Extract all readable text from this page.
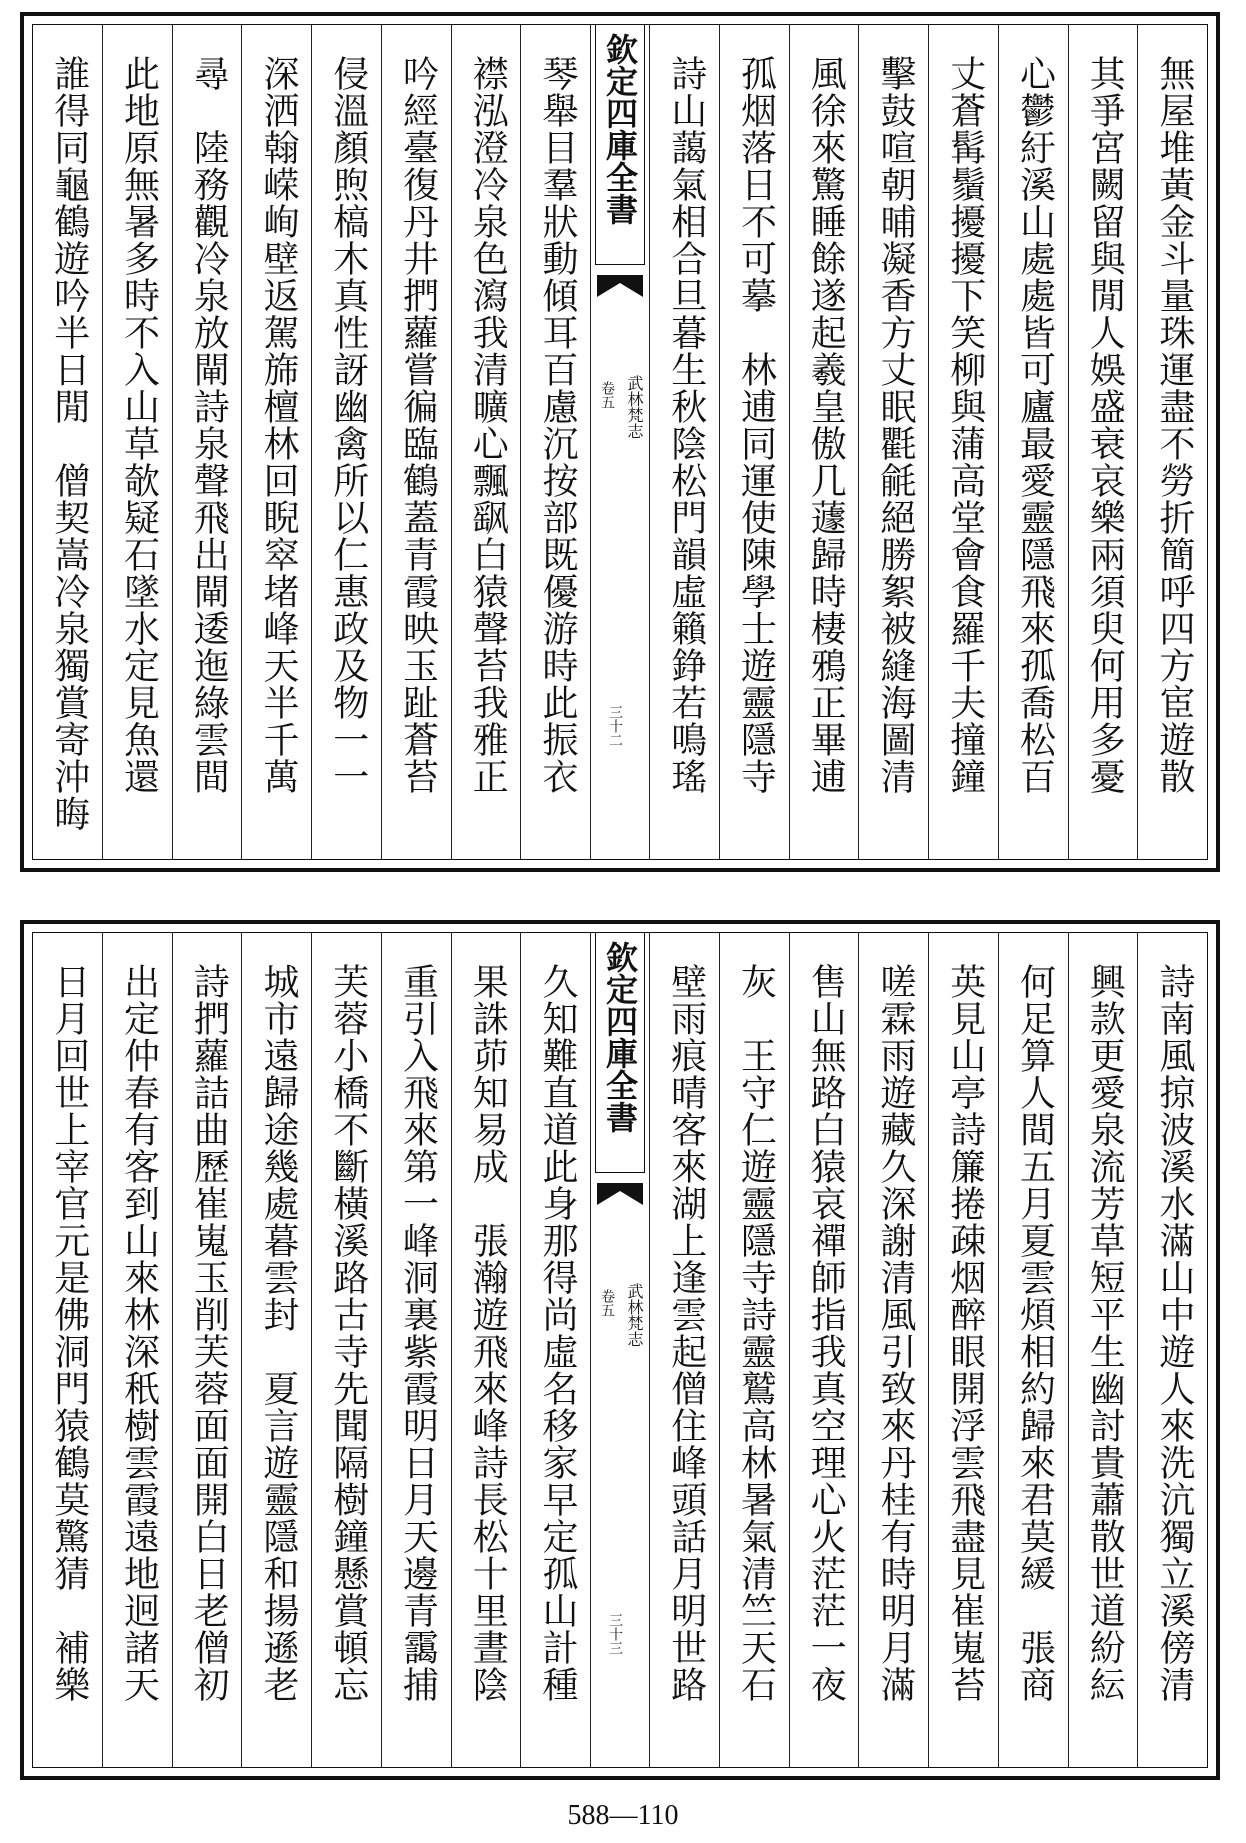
無屋堆黃金斗量珠運盡不勞折簡呼四方宦遊散
其爭宮闕留與閒人娛盛衰哀樂兩須臾何用多憂
心鬱紆溪山處處皆可廬最愛靈隱飛來孤喬松百
丈蒼髯鬚擾擾下笑柳與蒲高堂會食羅千夫撞鐘
擊鼓喧朝晡凝香方丈眠氍毹絕勝絮被縫海圖清
風徐來驚睡餘遂起羲皇傲几蘧歸時棲鴉正畢逋
孤烟落日不可摹　林逋同運使陳學士遊靈隱寺
詩山藹氣相合旦暮生秋陰松門韻虛籟錚若鳴瑤
欽定四庫全書
武林梵志
卷五
三十二
琴舉目羣狀動傾耳百慮沉按部既優游時此振衣
襟泓澄冷泉色瀉我清曠心飄飖白猿聲苔我雅正
吟經臺復丹井捫蘿嘗徧臨鶴蓋青霞映玉趾蒼苔
侵溫顏煦槁木真性訝幽禽所以仁惠政及物一一
深洒翰嵘峋壁返駕旆檀林回睨窣堵峰天半千萬
尋　陸務觀冷泉放閘詩泉聲飛出閘逶迤綠雲間
此地原無暑多時不入山草欹疑石墜水定見魚還
誰得同龜鶴遊吟半日閒　僧契嵩冷泉獨賞寄沖晦
詩南風掠波溪水滿山中遊人來洗沆獨立溪傍清
興款更愛泉流芳草短平生幽討貴蕭散世道紛紜
何足算人間五月夏雲煩相約歸來君莫緩　張商
英見山亭詩簾捲疎烟醉眼開浮雲飛盡見崔嵬苔
嗟霖雨遊藏久深謝清風引致來丹桂有時明月滿
售山無路白猿哀禪師指我真空理心火茫茫一夜
灰　王守仁遊靈隱寺詩靈鷲高林暑氣清竺天石
壁雨痕晴客來湖上逢雲起僧住峰頭話月明世路
欽定四庫全書
武林梵志
卷五
三十三
久知難直道此身那得尚虛名移家早定孤山計種
果誅茆知易成　張瀚遊飛來峰詩長松十里晝陰
重引入飛來第一峰洞裏紫霞明日月天邊青靄捕
芙蓉小橋不斷橫溪路古寺先聞隔樹鐘懸賞頓忘
城市遠歸途幾處暮雲封　夏言遊靈隱和揚遜老
詩捫蘿詰曲歷崔嵬玉削芙蓉面面開白日老僧初
出定仲春有客到山來林深秖樹雲霞遠地迥諸天
日月回世上宰官元是佛洞門猿鶴莫驚猜　補樂
588—110
